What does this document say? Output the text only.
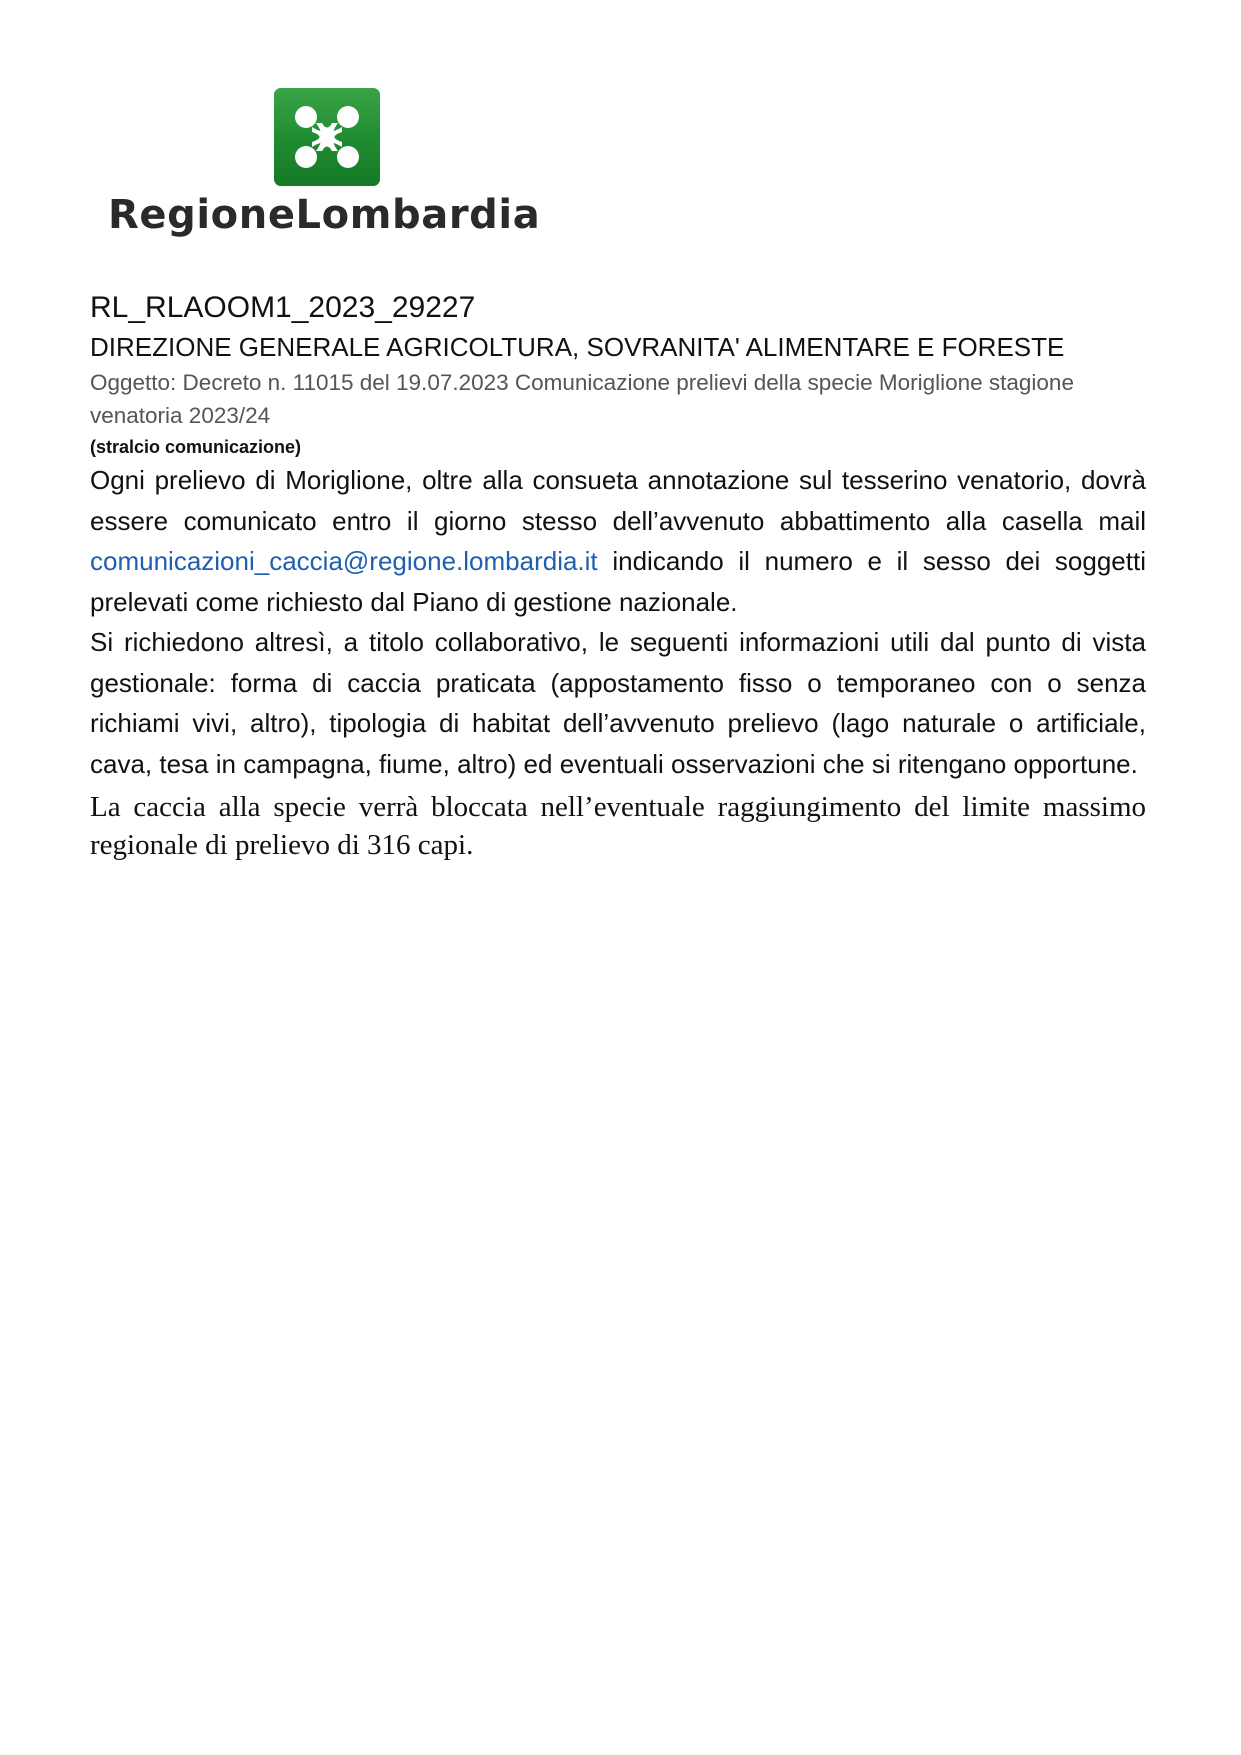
RegioneLombardia

RL_RLAOOM1_2023_29227

DIREZIONE GENERALE AGRICOLTURA, SOVRANITA' ALIMENTARE E FORESTE

Oggetto: Decreto n. 11015 del 19.07.2023 Comunicazione prelievi della specie Moriglione stagione venatoria 2023/24

(stralcio comunicazione)

Ogni prelievo di Moriglione, oltre alla consueta annotazione sul tesserino venatorio, dovrà essere comunicato entro il giorno stesso dell’avvenuto abbattimento alla casella mail comunicazioni_caccia@regione.lombardia.it indicando il numero e il sesso dei soggetti prelevati come richiesto dal Piano di gestione nazionale.

Si richiedono altresì, a titolo collaborativo, le seguenti informazioni utili dal punto di vista gestionale: forma di caccia praticata (appostamento fisso o temporaneo con o senza richiami vivi, altro), tipologia di habitat dell’avvenuto prelievo (lago naturale o artificiale, cava, tesa in campagna, fiume, altro) ed eventuali osservazioni che si ritengano opportune.

La caccia alla specie verrà bloccata nell’eventuale raggiungimento del limite massimo regionale di prelievo di 316 capi.
